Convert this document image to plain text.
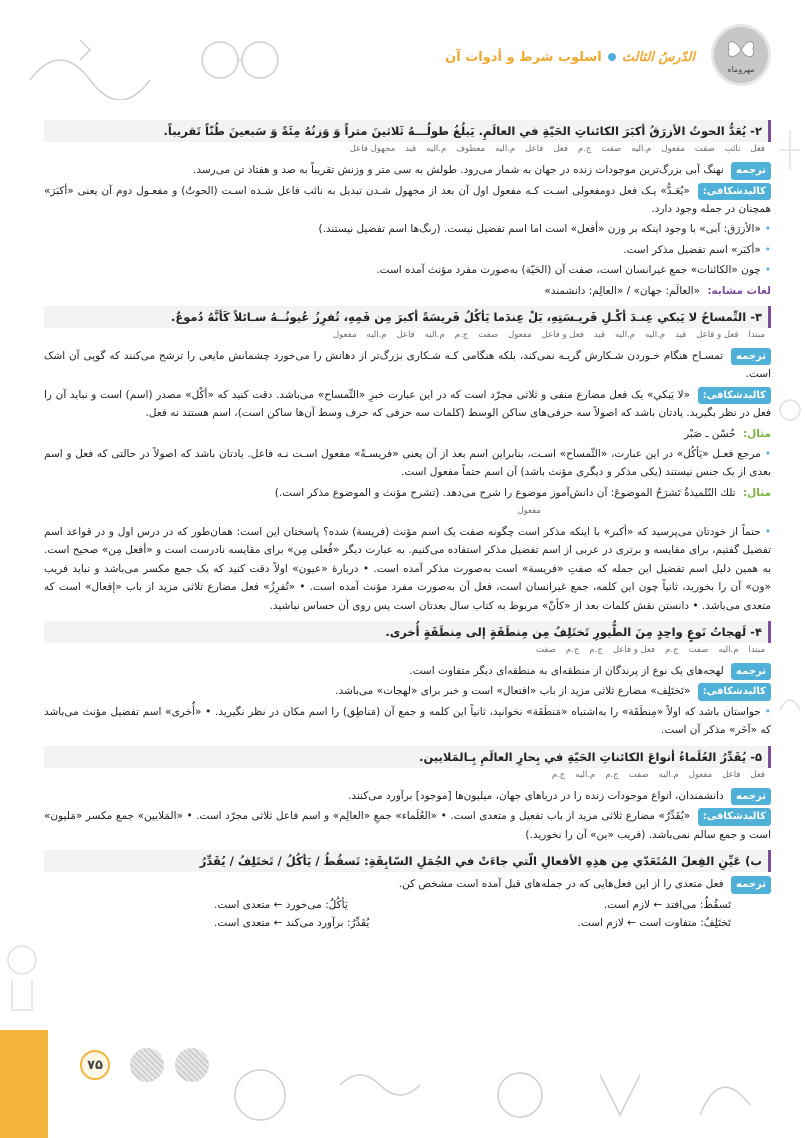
الدّرسُ الثالث
اسلوب شرط و أدوات آن
مهروماه
۲- یُعَدُّ الحوتُ الأزرَقُ أكبَرَ الكائناتِ الحَيّةِ في العالَمِ. يَبلُغُ طولُـــهُ ثَلاثينَ متراً وَ وَزنُهُ مِئَةً وَ سَبعينَ طُنّاً تَقريباً.
فعل
نائب
صفت
مفعول
م.اليه
صفت
ج.م
فعل
فاعل
م.اليه
معطوف
م.اليه
قيد
مجهول فاعل
ترجمه نهنگ آبی بزرگ‌ترین موجودات زنده در جهان به شمار می‌رود. طولش به سی متر و وزنش تقریباً به صد و هفتاد تن می‌رسد.
کالبدشکافی: «يُعَـدُّ» یـک فعل دومفعولی اسـت کـه مفعول اول آن بعد از مجهول شـدن تبدیل به نائب فاعل شـده اسـت (الحوتُ) و مفعـول دوم آن یعنی «أكبَرَ» همچنان در جمله وجود دارد.
• «الأزرَق: آبی» با وجود اینکه بر وزن «أفعل» است اما اسم تفضیل نیست. (رنگ‌ها اسم تفضیل نیستند.)
• «أكبَر» اسم تفضیل مذکر است.
• چون «الكائنات» جمع غیرانسان است، صفت آن (الحَيّة) به‌صورت مفرد مؤنث آمده است.
لغات مشابه: «العالَم: جهان» / «العالِم: دانشمند»
۳- التِّمساحُ لا يَبكي عِنـدَ أكْـلِ فَريـسَتِهِ، بَلْ عِندَما يَأكُلُ فَريسَةً أكبرَ مِن فَمِهِ، تُفرِزُ عُيونُــهُ سـائلاً كَأنَّهُ دُموعٌ.
مبتدا
فعل و فاعل
قيد
م.اليه
م.اليه
قيد
فعل و فاعل
مفعول
صفت
ج.م
م.اليه
فاعل
م.اليه
مفعول
ترجمه تمسـاح هنگام خـوردن شـکارش گریـه نمی‌کند، بلکه هنگامی کـه شـکاری بزرگ‌تر از دهانش را می‌خورد چشمانش مایعی را ترشح می‌کنند که گویی آن اشک است.
کالبدشکافی: «لا يَبكي» یک فعل مضارع منفی و ثلاثی مجرّد است که در این عبارت خبرِ «التِّمساح» می‌باشد. دقت کنید که «أكْل» مصدر (اسم) است و نباید آن را فعل در نظر بگیرید. یادتان باشد که اصولاً سه حرفی‌های ساکن الوسط (کلمات سه حرفی که حرف وسط آن‌ها ساکن است)، اسم هستند نه فعل.
مثال: حُسْن ـ صَبْر
• مرجع فعـل «يَأكُل» در این عبارت، «التِّمساح» اسـت، بنابراین اسم بعد از آن یعنی «فريسـةً» مفعول اسـت نـه فاعل. یادتان باشد که اصولاً در حالتی که فعل و اسم بعدی از یک جنس نیستند (یکی مذکر و دیگری مؤنث باشد) آن اسم حتماً مفعول است.
مثال: تلك التّلميذةُ تَشرَحُ الموضوعَ: آن دانش‌آموز موضوع را شرح می‌دهد. (تشرح مؤنث و الموضوع مذکر است.)
مفعول
• حتماً از خودتان می‌پرسید که «أكبر» با اینکه مذکر است چگونه صفت یک اسم مؤنث (فريسة) شده؟ پاسختان این است: همان‌طور که در درس اول و در قواعد اسم تفضیل گفتیم، برای مقایسه و برتری در عربی از اسم تفضیل مذکر استفاده می‌کنیم. به عبارت دیگر «فُعلى مِن» برای مقایسه نادرست است و «أفعل مِن» صحیح است. به همین دلیل اسم تفضیل این جمله که صفتِ «فريسة» است به‌صورت مذکر آمده است. • دربارهٔ «عيون» اولاً دقت کنید که یک جمع مکسر می‌باشد و نباید فریب «ون» آن را بخورید، ثانیاً چون این کلمه، جمع غیرانسان است، فعل آن به‌صورت مفرد مؤنث آمده است. • «تُفرِزُ» فعل مضارع ثلاثی مزید از باب «إفعال» است که متعدی می‌باشد. • دانستن نقش کلمات بعد از «كأنّ» مربوط به کتاب سال بعدتان است پس روی آن حساس نباشید.
۴- لَهجاتُ نَوعٍ واحِدٍ مِنَ الطُّيورِ تَختَلِفُ مِن مِنطَقَةٍ إلى مِنطَقَةٍ أُخرى.
مبتدا
م.اليه
صفت
ج.م
فعل و فاعل
ج.م
ج.م
صفت
ترجمه لهجه‌های یک نوع از پرندگان از منطقه‌ای به منطقه‌ای دیگر متفاوت است.
کالبدشکافی: «تَختَلِف» مضارع ثلاثی مزید از باب «افتعال» است و خبر برای «لهجات» می‌باشد.
• حواستان باشد که اولاً «مِنطَقَة» را به‌اشتباه «مَنطَقَة» نخوانید، ثانیاً این کلمه و جمع آن (مَناطِق) را اسم مکان در نظر نگیرید. • «أُخرى» اسم تفضیل مؤنث می‌باشد که «آخَر» مذکر آن است.
۵- يُقَدِّرُ العُلَماءُ أنواعَ الكائناتِ الحَيّةِ في بِحارِ العالَمِ بِـالمَلايين.
فعل
فاعل
مفعول
م.اليه
صفت
ج.م
م.اليه
ج.م
ترجمه دانشمندان، انواع موجودات زنده را در دریاهای جهان، میلیون‌ها [موجود] برآورد می‌کنند.
کالبدشکافی: «يُقَدِّرُ» مضارع ثلاثی مزید از باب تفعیل و متعدی است. • «العُلَماء» جمعِ «العالِم» و اسم فاعل ثلاثی مجرّد است. • «المَلايين» جمع مکسر «مَليون» است و جمع سالم نمی‌باشد. (فریب «ين» آن را نخورید.)
ب) عَيِّنِ الفِعلَ المُتَعَدّي مِن هذِهِ الأفعالِ الّتي جاءَتْ في الجُمَلِ السّابِقَةِ: تَسقُطُ / يَأكُلُ / تَختَلِفُ / يُقَدِّرُ
ترجمه فعل متعدی را از این فعل‌هایی که در جمله‌های قبل آمده است مشخص کن.
تَسقُطُ: می‌افتد ← لازم است.
يَأكُلُ: می‌خورد ← متعدی است.
تَختَلِفُ: متفاوت است ← لازم است.
يُقَدِّرُ: برآورد می‌کند ← متعدی است.
۷۵
